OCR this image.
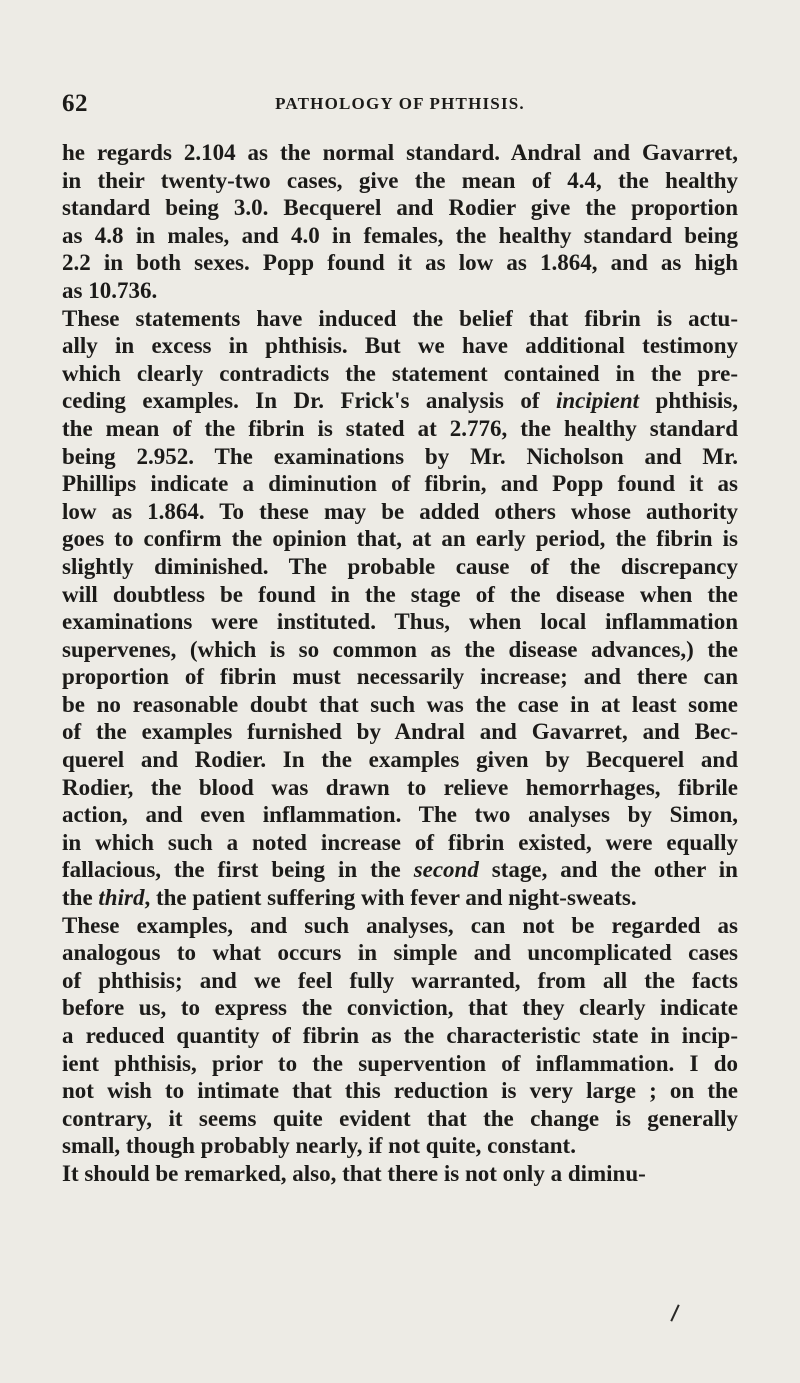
62	PATHOLOGY OF PHTHISIS.
he regards 2.104 as the normal standard. Andral and Gavarret,
in their twenty-two cases, give the mean of 4.4, the healthy
standard being 3.0. Becquerel and Rodier give the proportion
as 4.8 in males, and 4.0 in females, the healthy standard being
2.2 in both sexes. Popp found it as low as 1.864, and as high
as 10.736.
These statements have induced the belief that fibrin is actu-
ally in excess in phthisis. But we have additional testimony
which clearly contradicts the statement contained in the pre-
ceding examples. In Dr. Frick's analysis of incipient phthisis,
the mean of the fibrin is stated at 2.776, the healthy standard
being 2.952. The examinations by Mr. Nicholson and Mr.
Phillips indicate a diminution of fibrin, and Popp found it as
low as 1.864. To these may be added others whose authority
goes to confirm the opinion that, at an early period, the fibrin is
slightly diminished. The probable cause of the discrepancy
will doubtless be found in the stage of the disease when the
examinations were instituted. Thus, when local inflammation
supervenes, (which is so common as the disease advances,) the
proportion of fibrin must necessarily increase; and there can
be no reasonable doubt that such was the case in at least some
of the examples furnished by Andral and Gavarret, and Bec-
querel and Rodier. In the examples given by Becquerel and
Rodier, the blood was drawn to relieve hemorrhages, fibrile
action, and even inflammation. The two analyses by Simon,
in which such a noted increase of fibrin existed, were equally
fallacious, the first being in the second stage, and the other in
the third, the patient suffering with fever and night-sweats.
These examples, and such analyses, can not be regarded as
analogous to what occurs in simple and uncomplicated cases
of phthisis; and we feel fully warranted, from all the facts
before us, to express the conviction, that they clearly indicate
a reduced quantity of fibrin as the characteristic state in incip-
ient phthisis, prior to the supervention of inflammation. I do
not wish to intimate that this reduction is very large ; on the
contrary, it seems quite evident that the change is generally
small, though probably nearly, if not quite, constant.
It should be remarked, also, that there is not only a diminu-
